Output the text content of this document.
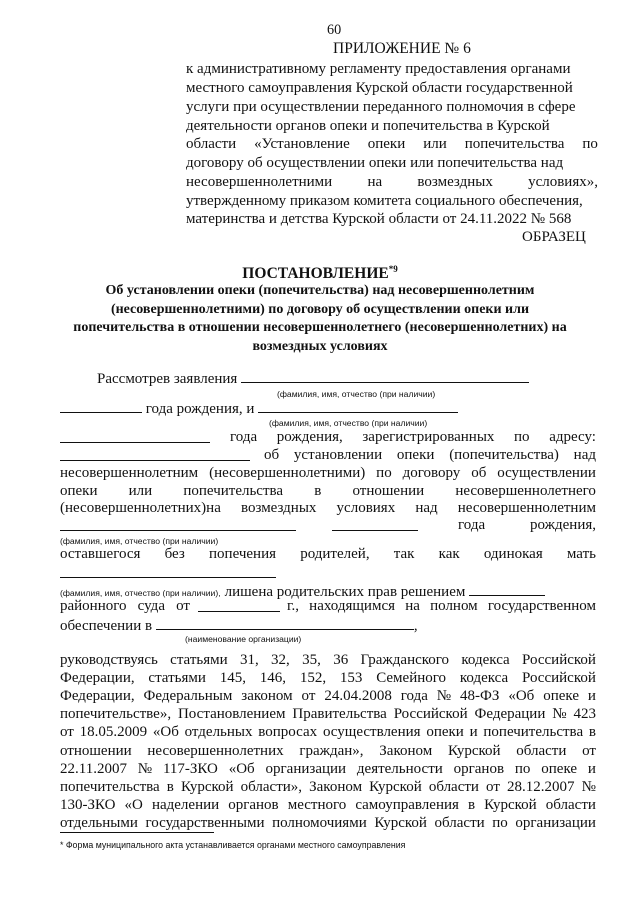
60
ПРИЛОЖЕНИЕ № 6
к административному регламенту предоставления органами
местного самоуправления Курской области государственной
услуги при осуществлении переданного полномочия в сфере
деятельности органов опеки и попечительства в Курской
области «Установление опеки или попечительства по
договору об осуществлении опеки или попечительства над
несовершеннолетними на возмездных условиях»,
утвержденному приказом комитета социального обеспечения,
материнства и детства Курской области от 24.11.2022 № 568
ОБРАЗЕЦ
ПОСТАНОВЛЕНИЕ$^{*9}$
Об установлении опеки (попечительства) над несовершеннолетним
(несовершеннолетними) по договору об осуществлении опеки или
попечительства в отношении несовершеннолетнего (несовершеннолетних) на
возмездных условиях
Рассмотрев заявления
(фамилия, имя, отчество (при наличии)
года рождения, и
(фамилия, имя, отчество (при наличии)
года рождения, зарегистрированных по адресу:
об установлении опеки (попечительства) над
несовершеннолетним (несовершеннолетними) по договору об осуществлении
опеки или попечительства в отношении несовершеннолетнего
(несовершеннолетних)на возмездных условиях над несовершеннолетним
года	рождения,
(фамилия, имя, отчество (при наличии)
оставшегося без попечения родителей, так как одинокая мать
(фамилия, имя, отчество (при наличии), лишена родительских прав решением
районного суда от	г., находящимся на полном государственном
обеспечении в	,
(наименование организации)
руководствуясь статьями 31, 32, 35, 36 Гражданского кодекса Российской
Федерации, статьями 145, 146, 152, 153 Семейного кодекса Российской
Федерации, Федеральным законом от 24.04.2008 года № 48-ФЗ «Об опеке и
попечительстве», Постановлением Правительства Российской Федерации № 423
от 18.05.2009 «Об отдельных вопросах осуществления опеки и попечительства в
отношении несовершеннолетних граждан», Законом Курской области от
22.11.2007 № 117-ЗКО «Об организации деятельности органов по опеке и
попечительства в Курской области», Законом Курской области от 28.12.2007 №
130-ЗКО «О наделении органов местного самоуправления в Курской области
отдельными государственными полномочиями Курской области по организации
* Форма муниципального акта устанавливается органами местного самоуправления
